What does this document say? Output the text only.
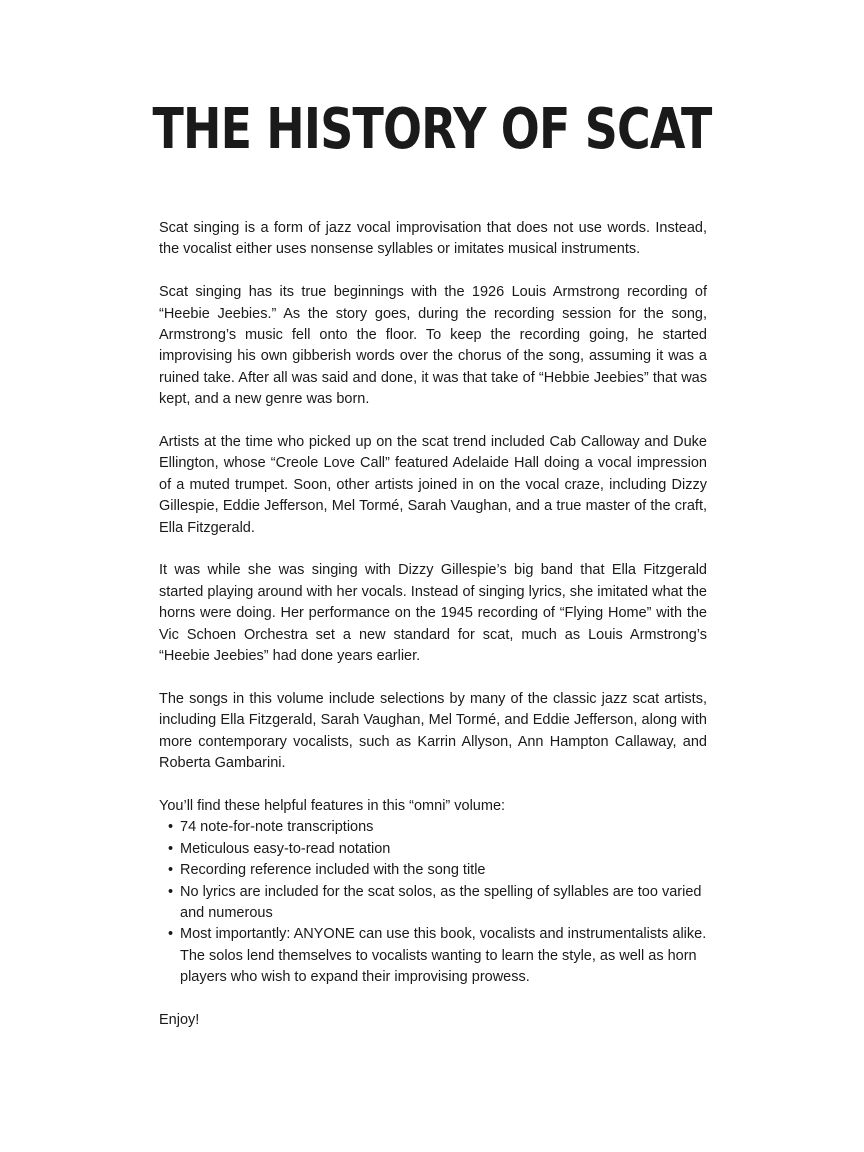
THE HISTORY OF SCAT

Scat singing is a form of jazz vocal improvisation that does not use words. Instead, the vocalist either uses nonsense syllables or imitates musical instruments.

Scat singing has its true beginnings with the 1926 Louis Armstrong recording of “Heebie Jeebies.” As the story goes, during the recording session for the song, Armstrong’s music fell onto the floor. To keep the recording going, he started improvising his own gibberish words over the chorus of the song, assuming it was a ruined take. After all was said and done, it was that take of “Hebbie Jeebies” that was kept, and a new genre was born.

Artists at the time who picked up on the scat trend included Cab Calloway and Duke Ellington, whose “Creole Love Call” featured Adelaide Hall doing a vocal impression of a muted trumpet. Soon, other artists joined in on the vocal craze, including Dizzy Gillespie, Eddie Jefferson, Mel Tormé, Sarah Vaughan, and a true master of the craft, Ella Fitzgerald.

It was while she was singing with Dizzy Gillespie’s big band that Ella Fitzgerald started playing around with her vocals. Instead of singing lyrics, she imitated what the horns were doing. Her performance on the 1945 recording of “Flying Home” with the Vic Schoen Orchestra set a new standard for scat, much as Louis Armstrong’s “Heebie Jeebies” had done years earlier.

The songs in this volume include selections by many of the classic jazz scat artists, including Ella Fitzgerald, Sarah Vaughan, Mel Tormé, and Eddie Jefferson, along with more contemporary vocalists, such as Karrin Allyson, Ann Hampton Callaway, and Roberta Gambarini.

You’ll find these helpful features in this “omni” volume:

• 74 note-for-note transcriptions
• Meticulous easy-to-read notation
• Recording reference included with the song title
• No lyrics are included for the scat solos, as the spelling of syllables are too varied and numerous
• Most importantly: ANYONE can use this book, vocalists and instrumentalists alike. The solos lend themselves to vocalists wanting to learn the style, as well as horn players who wish to expand their improvising prowess.

Enjoy!
